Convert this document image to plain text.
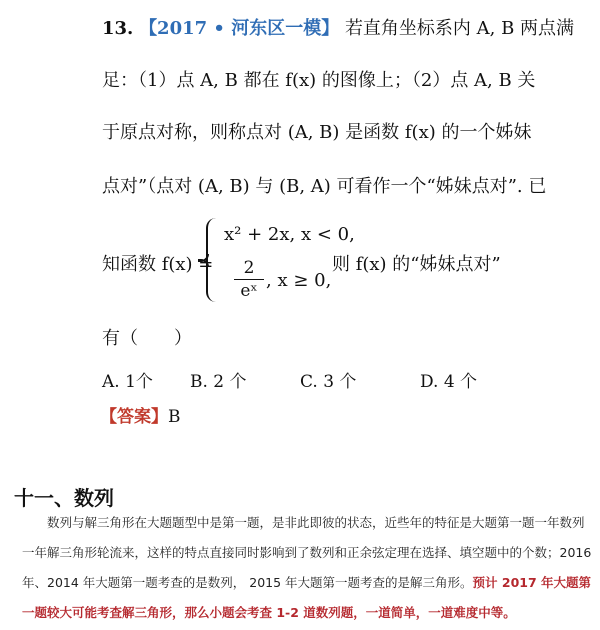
13. 【2017 • 河东区一模】 若直角坐标系内 A, B 两点满
足：（1）点 A, B 都在 f(x) 的图像上；（2）点 A, B 关
于原点对称，则称点对 (A, B) 是函数 f(x) 的一个姊妹
点对”（点对 (A, B) 与 (B, A) 可看作一个“姊妹点对”. 已
知函数 f(x) =
x² + 2x, x < 0,
2
eˣ , x ≥ 0,
则 f(x) 的“姊妹点对”
有（　　）
A. 1个 B. 2 个	C. 3 个	D. 4 个
【答案】B
十一、数列
数列与解三角形在大题题型中是第一题，是非此即彼的状态，近些年的特征是大题第一题一年数列一年解三角形轮流来，这样的特点直接同时影响到了数列和正余弦定理在选择、填空题中的个数；2016 年、2014 年大题第一题考查的是数列， 2015 年大题第一题考查的是解三角形。预计 2017 年大题第一题较大可能考查解三角形，那么小题会考查 1-2 道数列题，一道简单，一道难度中等。
